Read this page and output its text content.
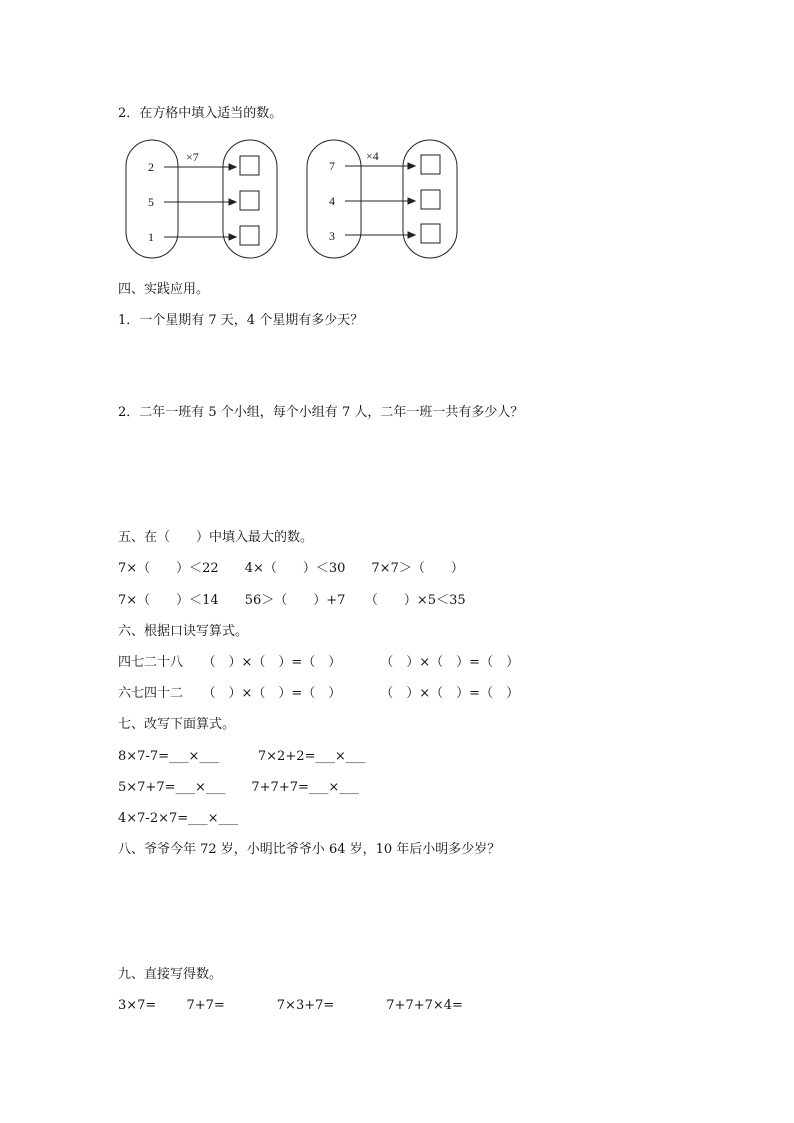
2．在方格中填入适当的数。
×7
2
5
1
×4
7
4
3
四、实践应用。
1．一个星期有 7 天，4 个星期有多少天？
2．二年一班有 5 个小组，每个小组有 7 人，二年一班一共有多少人？
五、在（　　）中填入最大的数。
7×（　　）＜22　　4×（　　）＜30　　7×7＞（　　）
7×（　　）＜14　　56＞（　　）+7　　（　　）×5＜35
六、根据口诀写算式。
四七二十八　　（　）×（　）=（　）　　　　（　）×（　）=（　）
六七四十二　　（　）×（　）=（　）　　　　（　）×（　）=（　）
七、改写下面算式。
8×7-7=___×___　　　7×2+2=___×___
5×7+7=___×___　　7+7+7=___×___
4×7-2×7=___×___
八、爷爷今年 72 岁，小明比爷爷小 64 岁，10 年后小明多少岁？
九、直接写得数。
3×7=　　 7+7=　　　　7×3+7=　　　　7+7+7×4=
